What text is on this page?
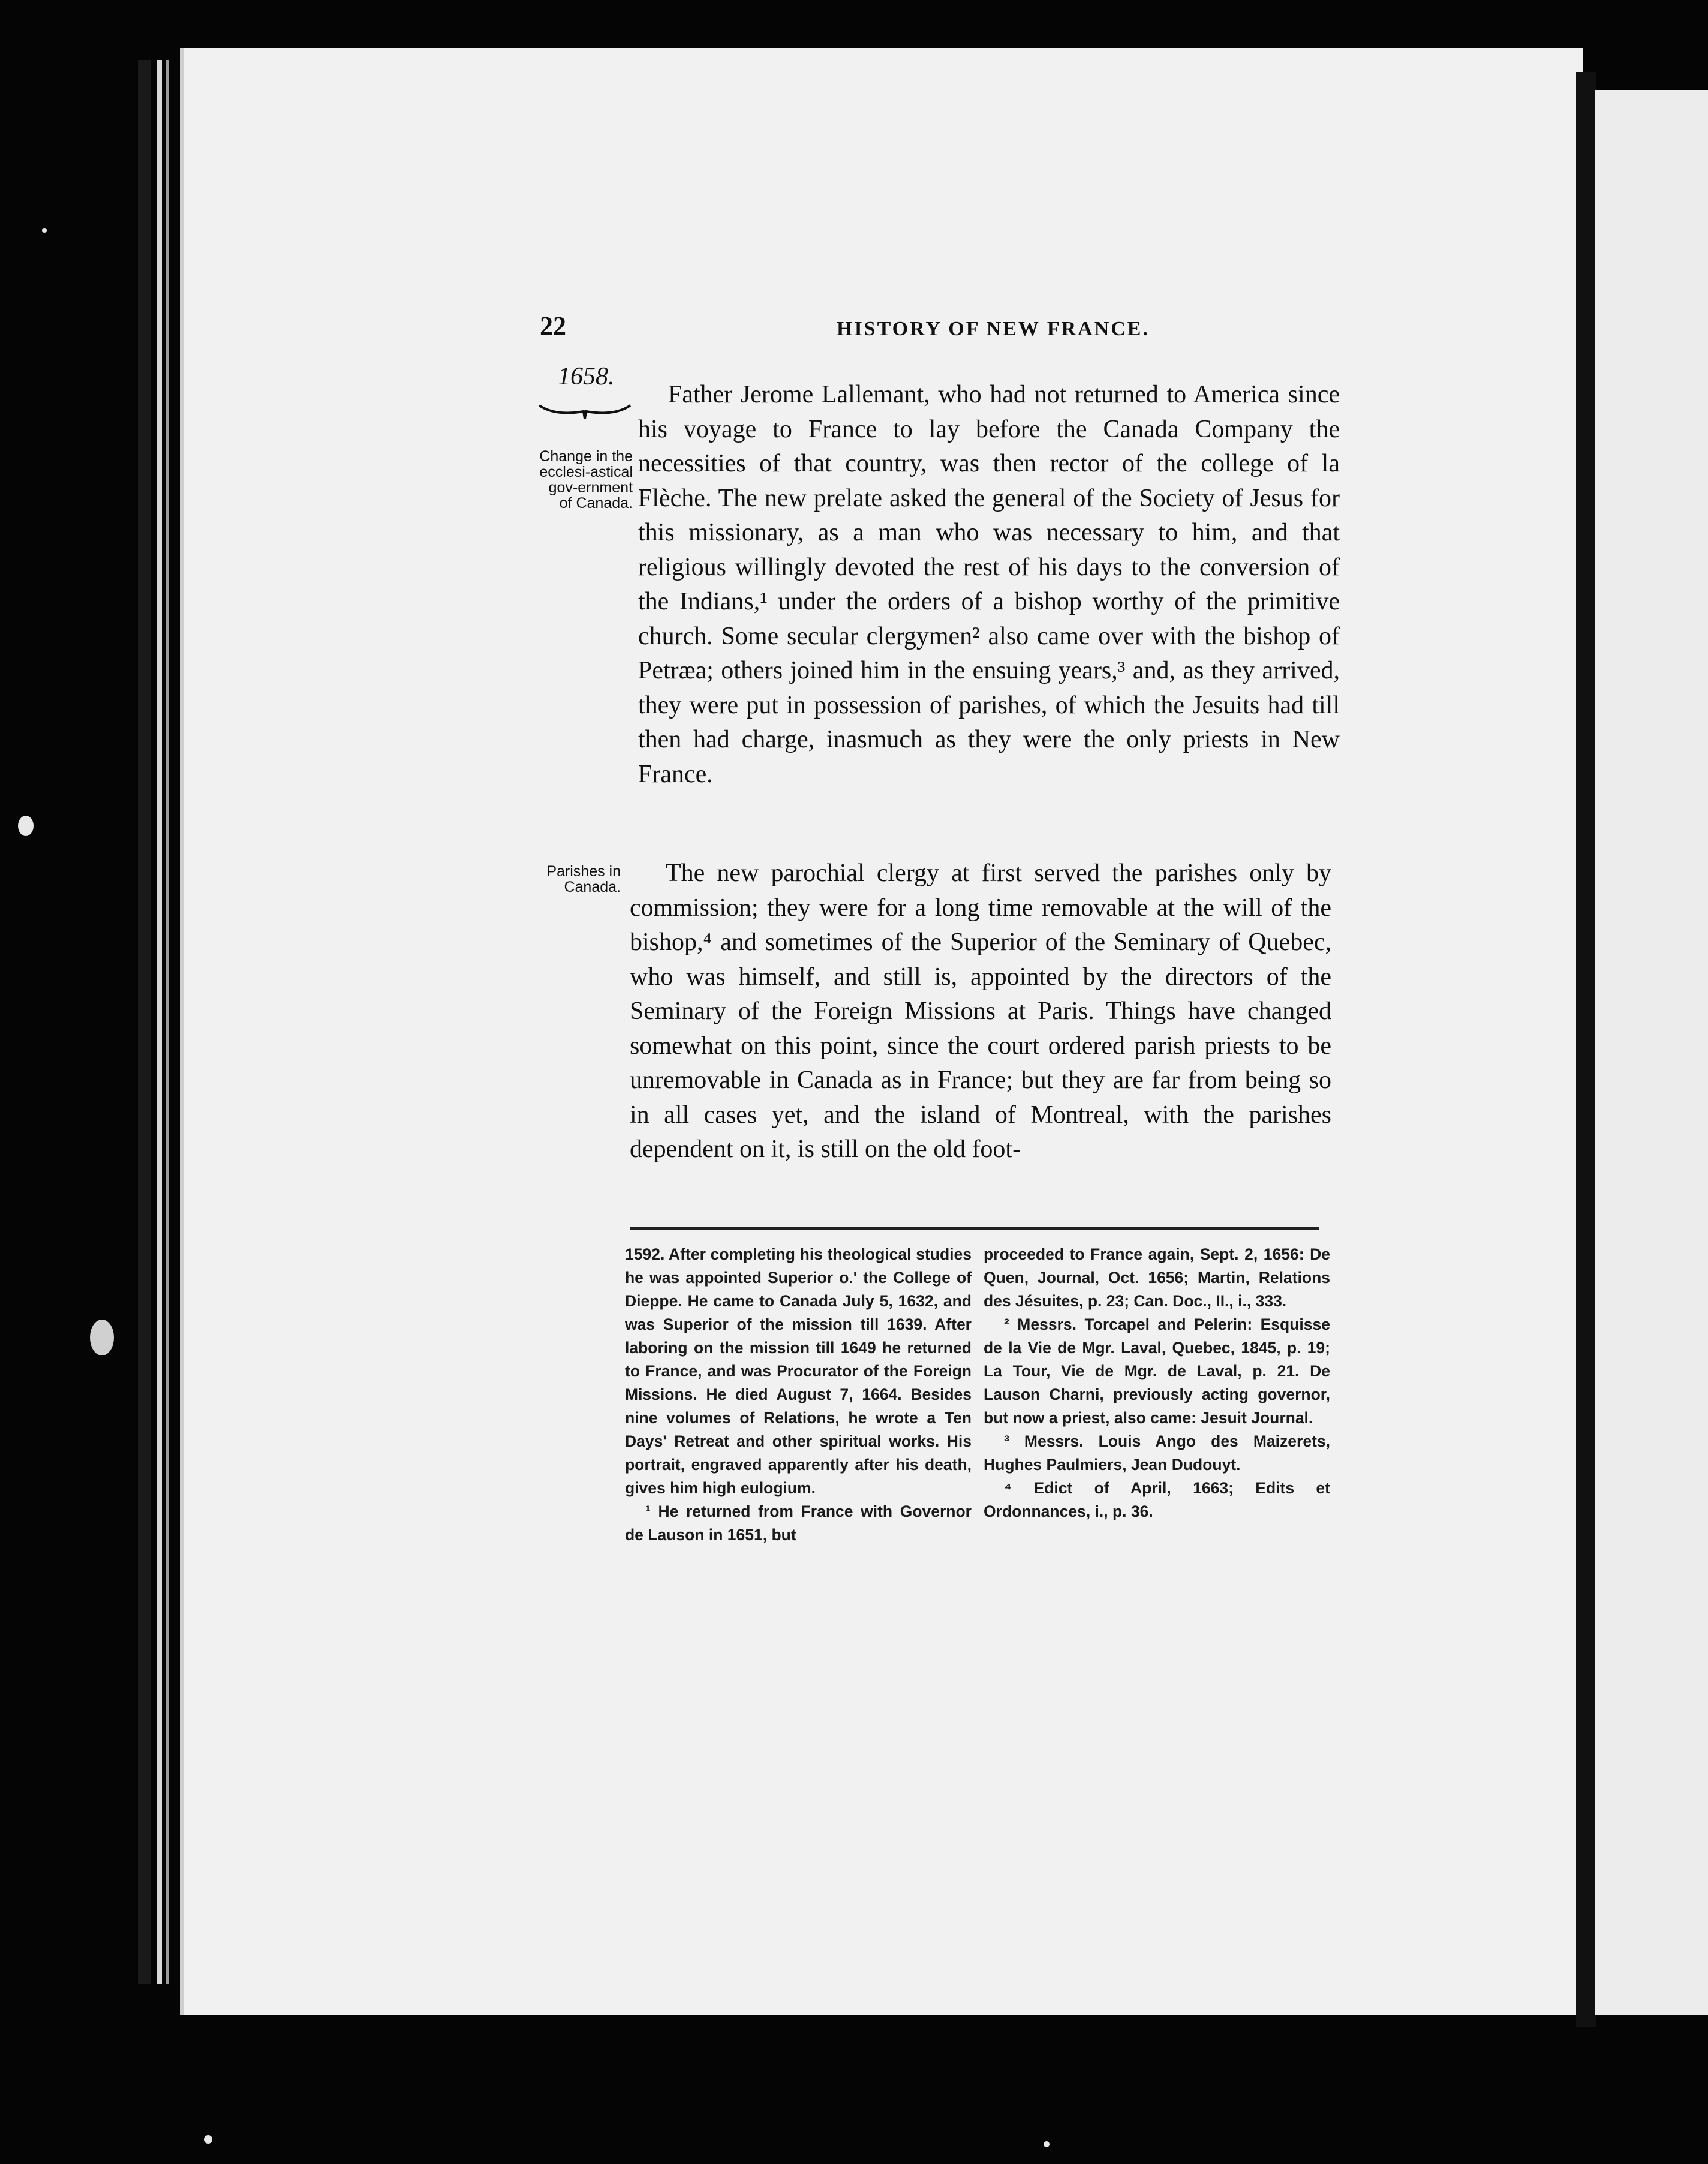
22	HISTORY OF NEW FRANCE.
1658.
Change in the ecclesi-astical gov-ernment of Canada.
Parishes in Canada.
Father Jerome Lallemant, who had not returned to America since his voyage to France to lay before the Canada Company the necessities of that country, was then rector of the college of la Flèche. The new prelate asked the general of the Society of Jesus for this missionary, as a man who was necessary to him, and that religious willingly devoted the rest of his days to the conversion of the Indians,¹ under the orders of a bishop worthy of the primitive church. Some secular clergymen² also came over with the bishop of Petræa; others joined him in the ensuing years,³ and, as they arrived, they were put in possession of parishes, of which the Jesuits had till then had charge, inasmuch as they were the only priests in New France.
The new parochial clergy at first served the parishes only by commission; they were for a long time removable at the will of the bishop,⁴ and sometimes of the Superior of the Seminary of Quebec, who was himself, and still is, appointed by the directors of the Seminary of the Foreign Missions at Paris. Things have changed somewhat on this point, since the court ordered parish priests to be unremovable in Canada as in France; but they are far from being so in all cases yet, and the island of Montreal, with the parishes dependent on it, is still on the old foot-

1592. After completing his theological studies he was appointed Superior o.' the College of Dieppe. He came to Canada July 5, 1632, and was Superior of the mission till 1639. After laboring on the mission till 1649 he returned to France, and was Procurator of the Foreign Missions. He died August 7, 1664. Besides nine volumes of Relations, he wrote a Ten Days' Retreat and other spiritual works. His portrait, engraved apparently after his death, gives him high eulogium.

¹ He returned from France with Governor de Lauson in 1651, but

proceeded to France again, Sept. 2, 1656: De Quen, Journal, Oct. 1656; Martin, Relations des Jésuites, p. 23; Can. Doc., II., i., 333.

² Messrs. Torcapel and Pelerin: Esquisse de la Vie de Mgr. Laval, Quebec, 1845, p. 19; La Tour, Vie de Mgr. de Laval, p. 21. De Lauson Charni, previously acting governor, but now a priest, also came: Jesuit Journal.

³ Messrs. Louis Ango des Maizerets, Hughes Paulmiers, Jean Dudouyt.

⁴ Edict of April, 1663; Edits et Ordonnances, i., p. 36.
